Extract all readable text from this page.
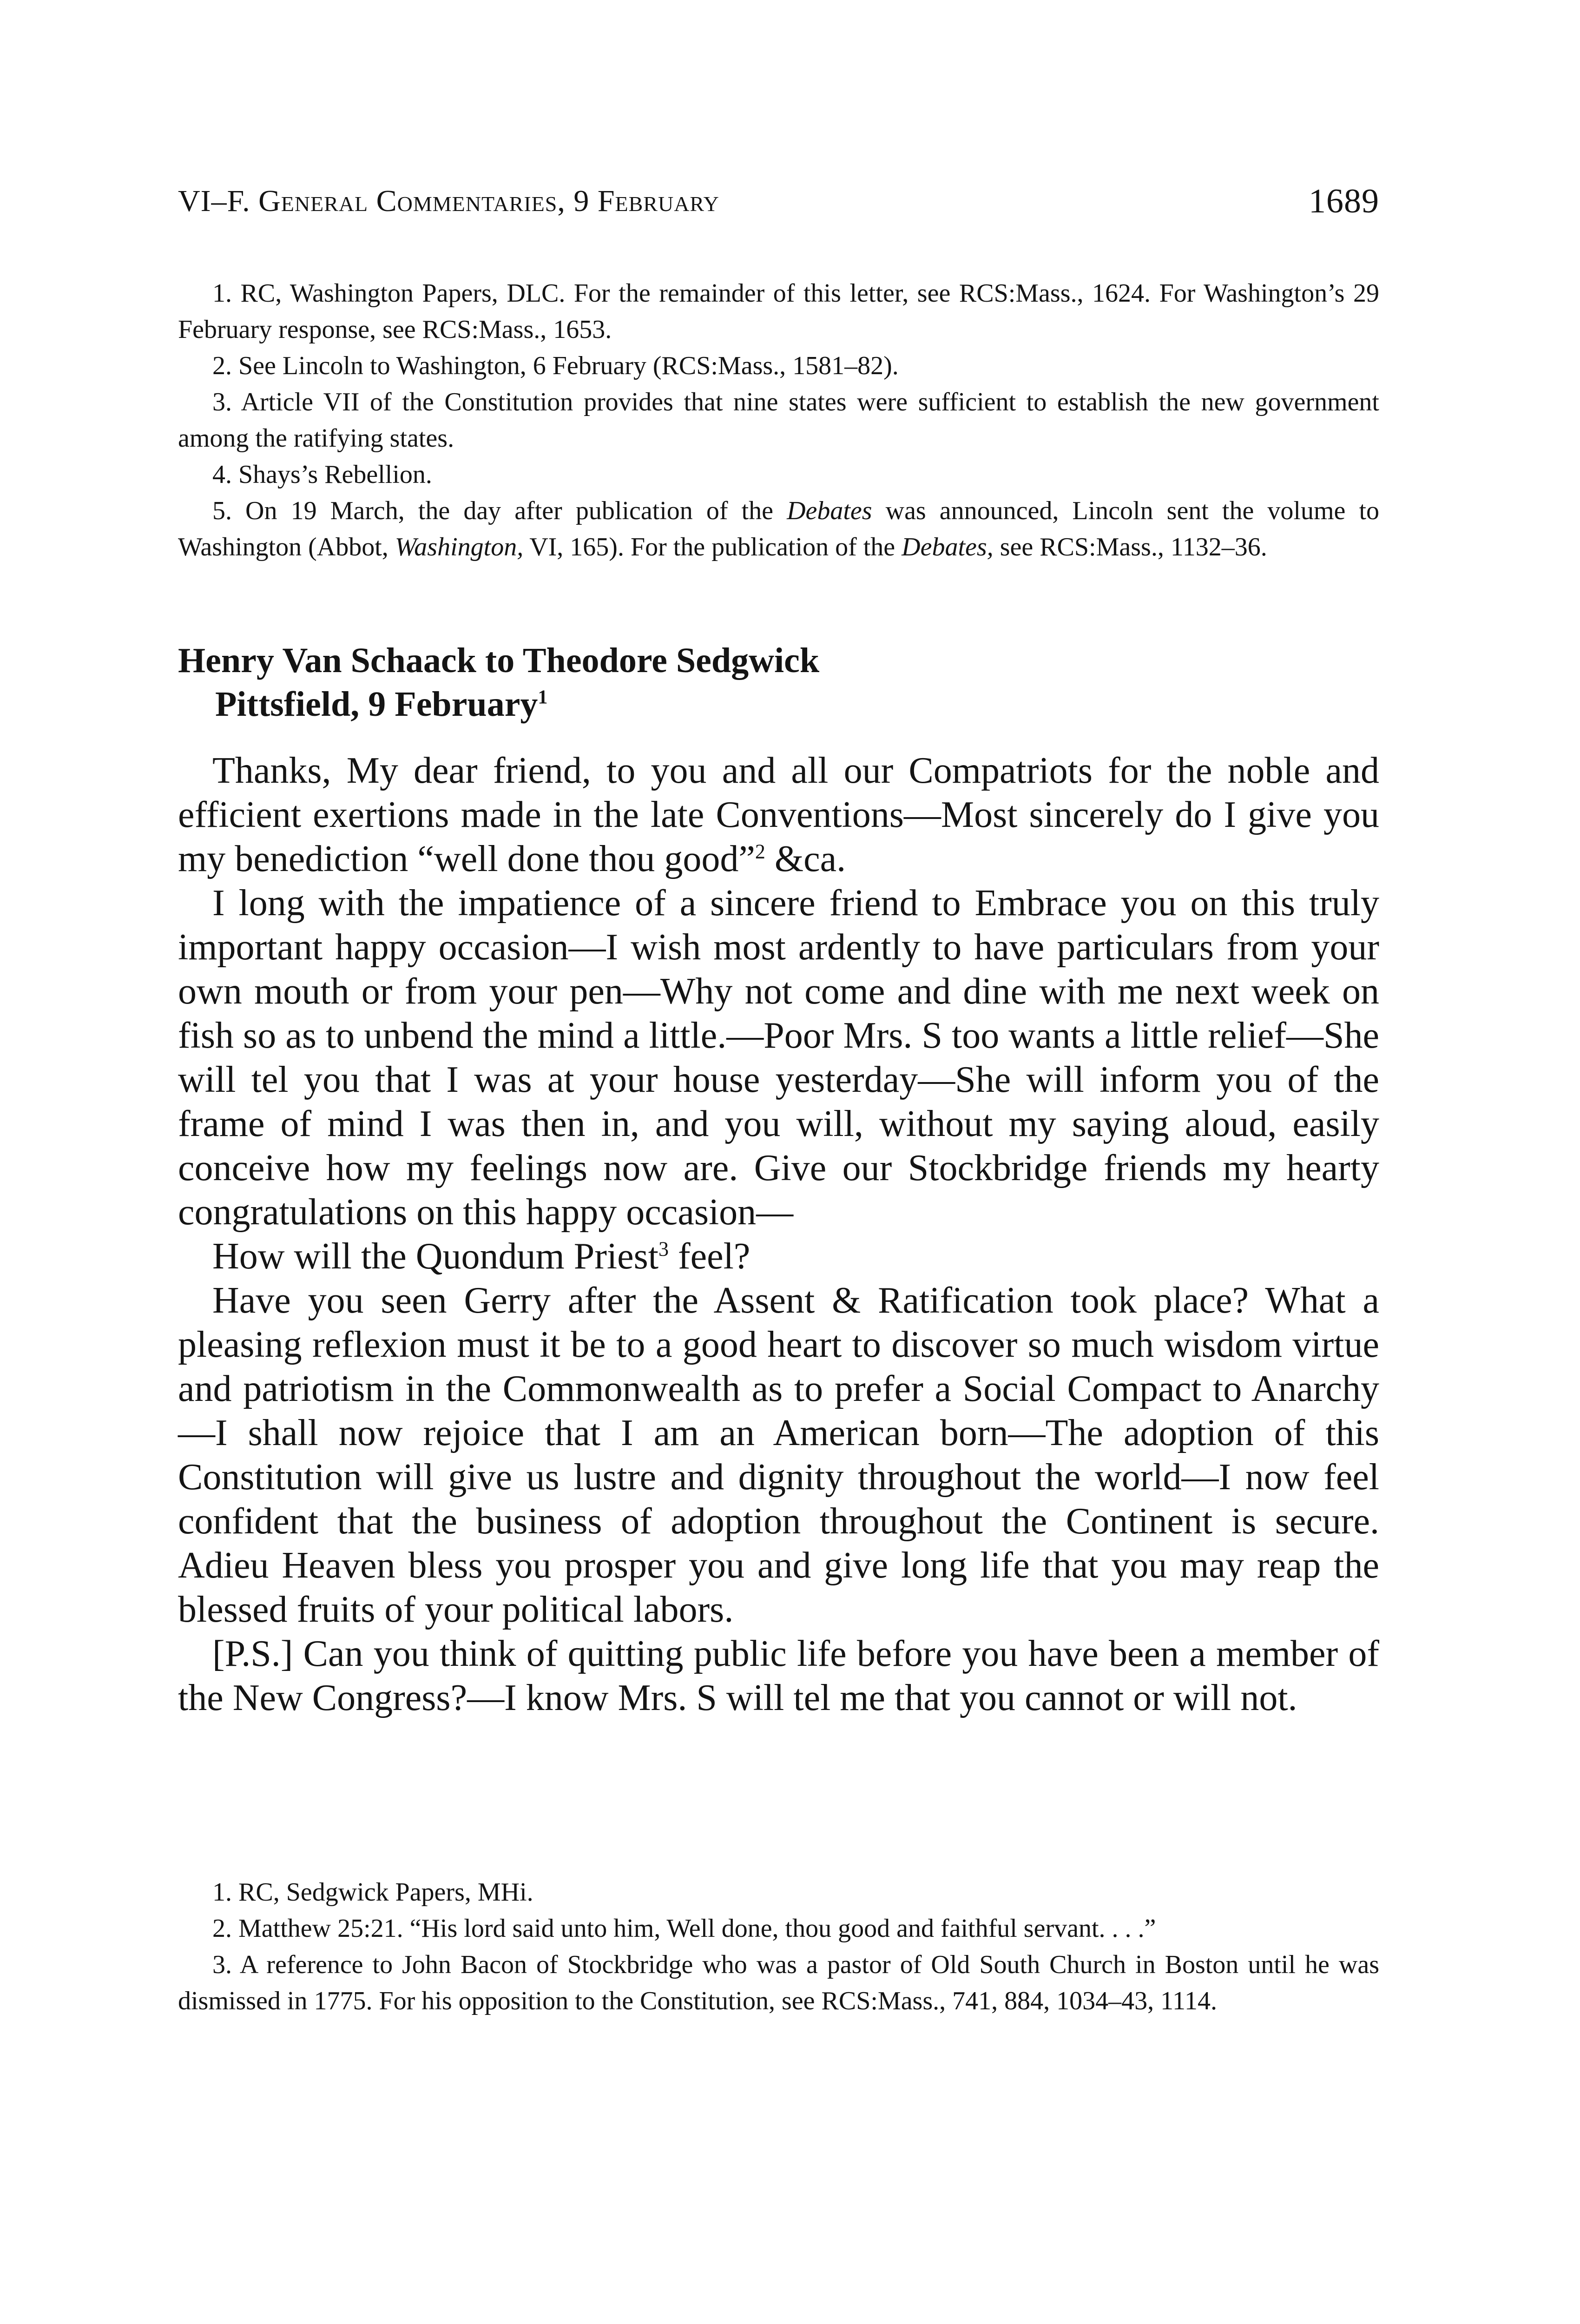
VI–F. General Commentaries, 9 February	1689

1. RC, Washington Papers, DLC. For the remainder of this letter, see RCS:Mass., 1624. For Washington’s 29 February response, see RCS:Mass., 1653.

2. See Lincoln to Washington, 6 February (RCS:Mass., 1581–82).

3. Article VII of the Constitution provides that nine states were sufficient to establish the new government among the ratifying states.

4. Shays’s Rebellion.

5. On 19 March, the day after publication of the Debates was announced, Lincoln sent the volume to Washington (Abbot, Washington, VI, 165). For the publication of the Debates, see RCS:Mass., 1132–36.

Henry Van Schaack to Theodore Sedgwick
Pittsfield, 9 February$^1$

Thanks, My dear friend, to you and all our Compatriots for the noble and efficient exertions made in the late Conventions—Most sincerely do I give you my benediction “well done thou good”$^2$ &ca.

I long with the impatience of a sincere friend to Embrace you on this truly important happy occasion—I wish most ardently to have particulars from your own mouth or from your pen—Why not come and dine with me next week on fish so as to unbend the mind a little.—Poor Mrs. S too wants a little relief—She will tel you that I was at your house yesterday—She will inform you of the frame of mind I was then in, and you will, without my saying aloud, easily conceive how my feelings now are. Give our Stockbridge friends my hearty congratulations on this happy occasion—

How will the Quondum Priest$^3$ feel?

Have you seen Gerry after the Assent & Ratification took place? What a pleasing reflexion must it be to a good heart to discover so much wisdom virtue and patriotism in the Commonwealth as to prefer a Social Compact to Anarchy—I shall now rejoice that I am an American born—The adoption of this Constitution will give us lustre and dignity throughout the world—I now feel confident that the business of adoption throughout the Continent is secure. Adieu Heaven bless you prosper you and give long life that you may reap the blessed fruits of your political labors.

[P.S.] Can you think of quitting public life before you have been a member of the New Congress?—I know Mrs. S will tel me that you cannot or will not.

1. RC, Sedgwick Papers, MHi.

2. Matthew 25:21. “His lord said unto him, Well done, thou good and faithful servant. . . .”

3. A reference to John Bacon of Stockbridge who was a pastor of Old South Church in Boston until he was dismissed in 1775. For his opposition to the Constitution, see RCS:Mass., 741, 884, 1034–43, 1114.
